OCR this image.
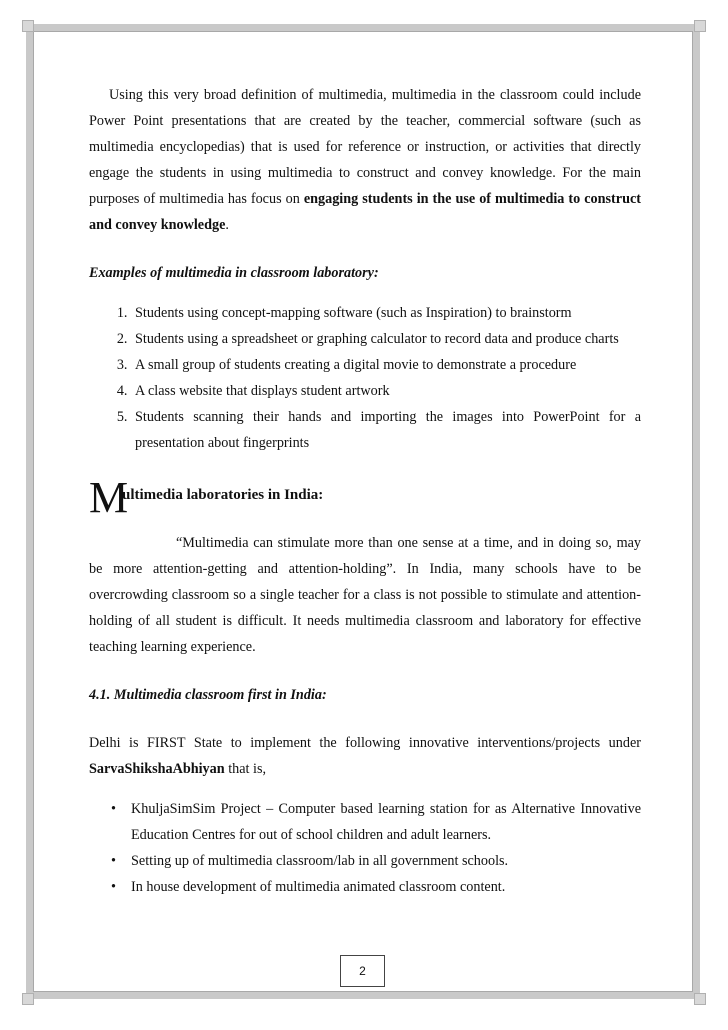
Using this very broad definition of multimedia, multimedia in the classroom could include Power Point presentations that are created by the teacher, commercial software (such as multimedia encyclopedias) that is used for reference or instruction, or activities that directly engage the students in using multimedia to construct and convey knowledge. For the main purposes of multimedia has focus on engaging students in the use of multimedia to construct and convey knowledge.

Examples of multimedia in classroom laboratory:

1. Students using concept-mapping software (such as Inspiration) to brainstorm
2. Students using a spreadsheet or graphing calculator to record data and produce charts
3. A small group of students creating a digital movie to demonstrate a procedure
4. A class website that displays student artwork
5. Students scanning their hands and importing the images into PowerPoint for a presentation about fingerprints
M
ultimedia laboratories in India:

“Multimedia can stimulate more than one sense at a time, and in doing so, may be more attention-getting and attention-holding”. In India, many schools have to be overcrowding classroom so a single teacher for a class is not possible to stimulate and attention-holding of all student is difficult. It needs multimedia classroom and laboratory for effective teaching learning experience.

4.1. Multimedia classroom first in India:

Delhi is FIRST State to implement the following innovative interventions/projects under SarvaShikshaAbhiyan that is,

• KhuljaSimSim Project – Computer based learning station for as Alternative Innovative Education Centres for out of school children and adult learners.
• Setting up of multimedia classroom/lab in all government schools.
• In house development of multimedia animated classroom content.
2
